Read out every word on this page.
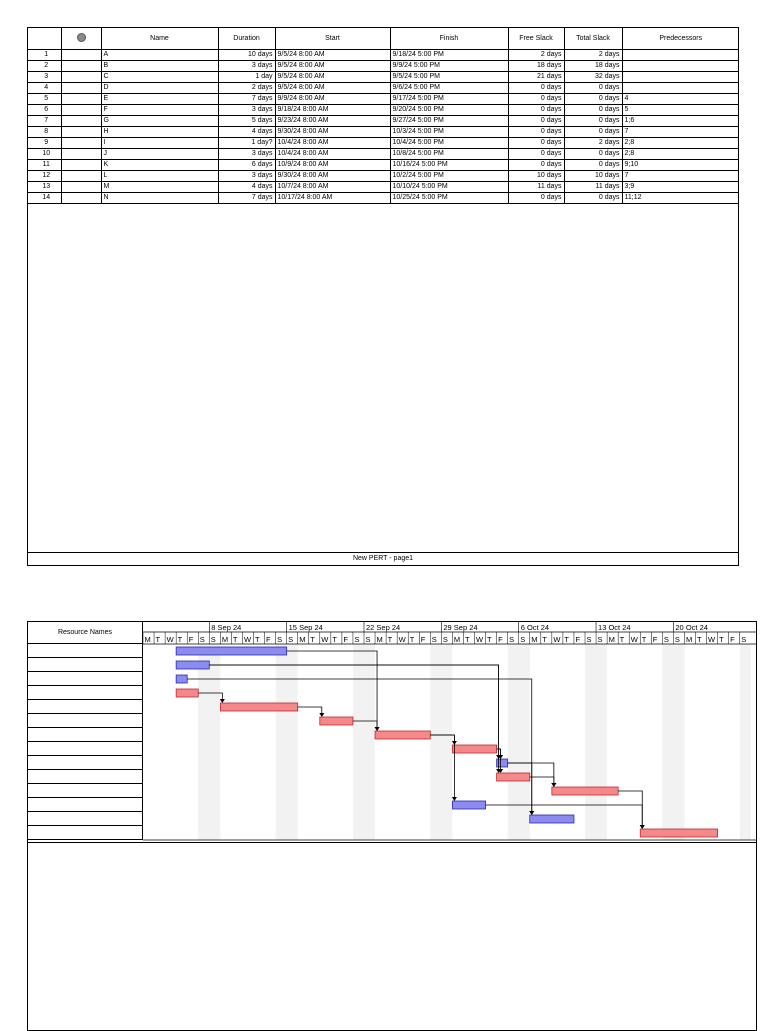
		Name	Duration	Start	Finish	Free Slack	Total Slack	Predecessors
1		A	10 days	9/5/24 8:00 AM	9/18/24 5:00 PM	2 days	2 days	
2		B	3 days	9/5/24 8:00 AM	9/9/24 5:00 PM	18 days	18 days	
3		C	1 day	9/5/24 8:00 AM	9/5/24 5:00 PM	21 days	32 days	
4		D	2 days	9/5/24 8:00 AM	9/6/24 5:00 PM	0 days	0 days	
5		E	7 days	9/9/24 8:00 AM	9/17/24 5:00 PM	0 days	0 days	4
6		F	3 days	9/18/24 8:00 AM	9/20/24 5:00 PM	0 days	0 days	5
7		G	5 days	9/23/24 8:00 AM	9/27/24 5:00 PM	0 days	0 days	1;6
8		H	4 days	9/30/24 8:00 AM	10/3/24 5:00 PM	0 days	0 days	7
9		I	1 day?	10/4/24 8:00 AM	10/4/24 5:00 PM	0 days	2 days	2;8
10		J	3 days	10/4/24 8:00 AM	10/8/24 5:00 PM	0 days	0 days	2;8
11		K	6 days	10/9/24 8:00 AM	10/16/24 5:00 PM	0 days	0 days	9;10
12		L	3 days	9/30/24 8:00 AM	10/2/24 5:00 PM	10 days	10 days	7
13		M	4 days	10/7/24 8:00 AM	10/10/24 5:00 PM	11 days	11 days	3;9
14		N	7 days	10/17/24 8:00 AM	10/25/24 5:00 PM	0 days	0 days	11;12
New PERT - page1
Resource Names
M T W T F S S M T W T F S S M T W T F S S M T W T F S S M T W T F S S M T W T F S S M T W T F S S M T W T F S
8 Sep 24	15 Sep 24	22 Sep 24	29 Sep 24	6 Oct 24	13 Oct 24	20 Oct 24
